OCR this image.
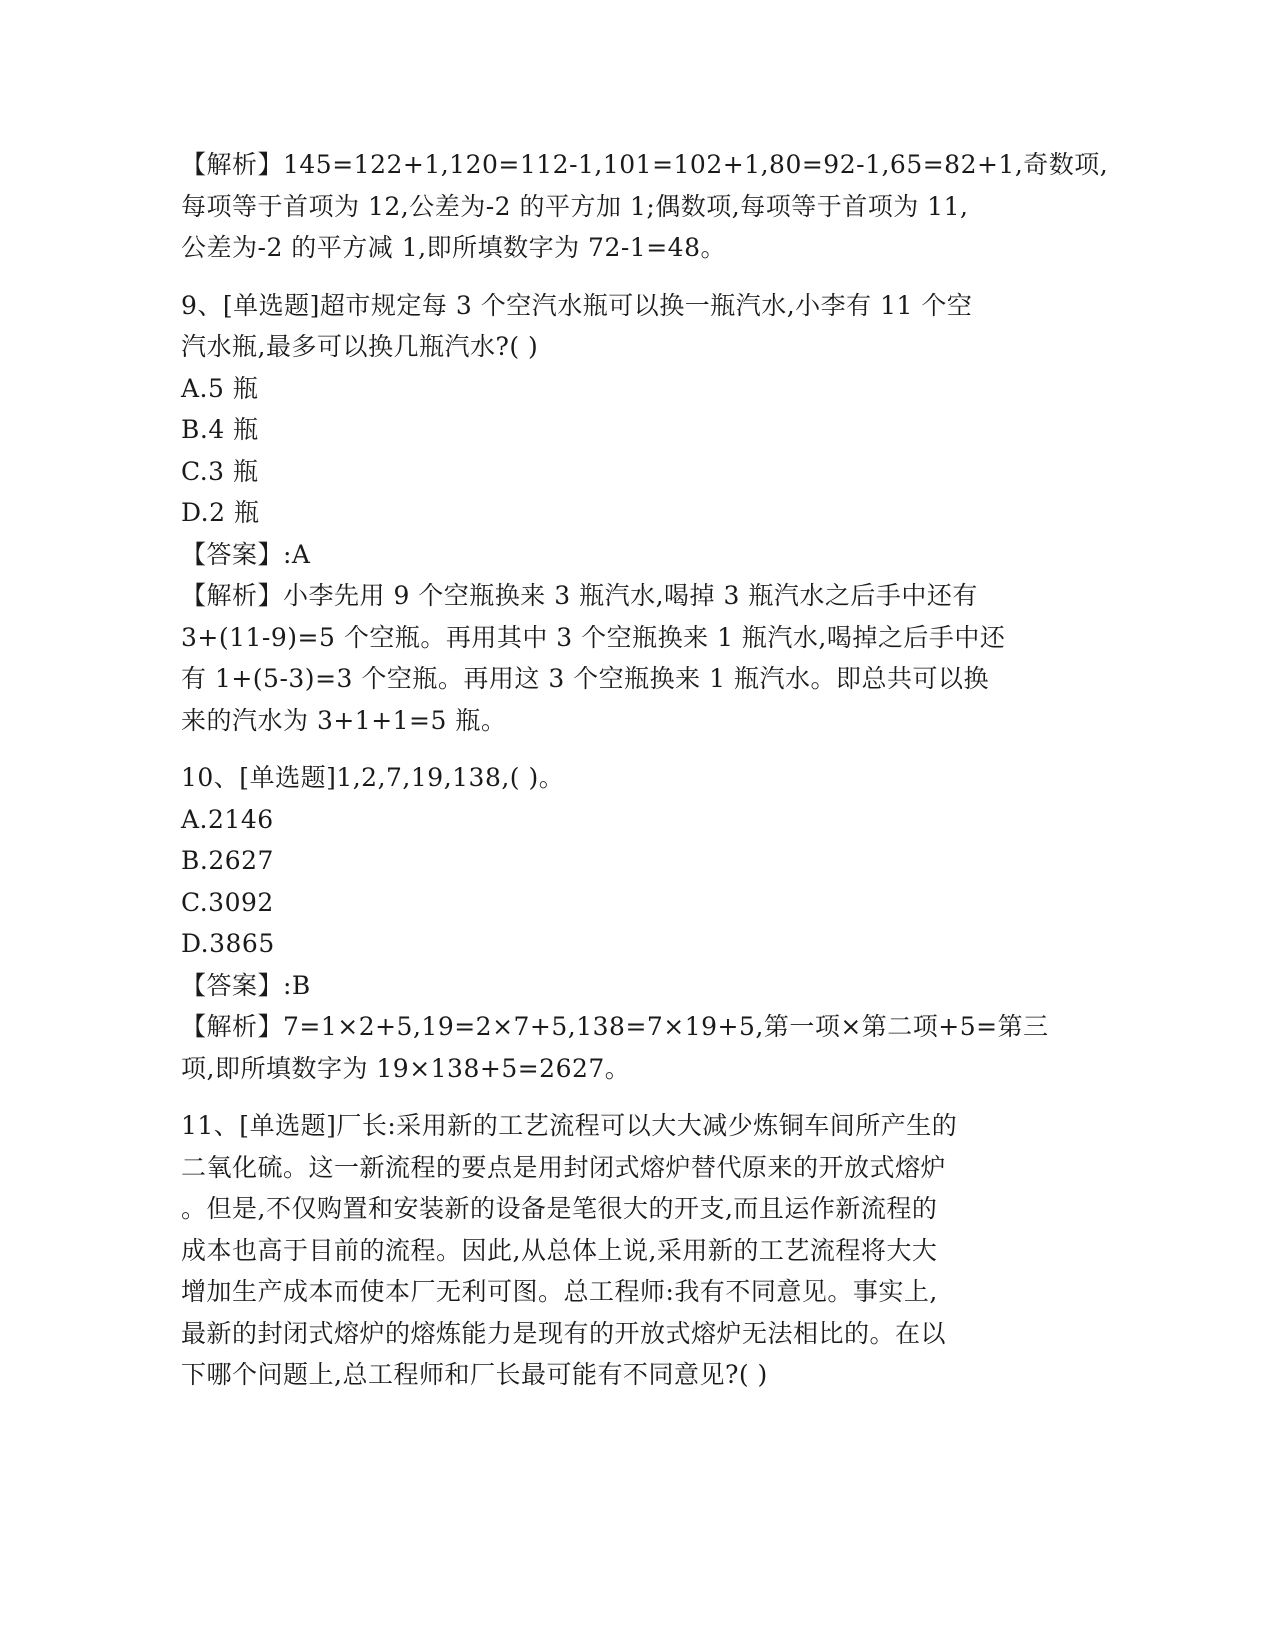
【解析】145=122+1,120=112-1,101=102+1,80=92-1,65=82+1,奇数项,
每项等于首项为 12,公差为-2 的平方加 1;偶数项,每项等于首项为 11,
公差为-2 的平方减 1,即所填数字为 72-1=48。
9、[单选题]超市规定每 3 个空汽水瓶可以换一瓶汽水,小李有 11 个空
汽水瓶,最多可以换几瓶汽水?( )
A.5 瓶
B.4 瓶
C.3 瓶
D.2 瓶
【答案】:A
【解析】小李先用 9 个空瓶换来 3 瓶汽水,喝掉 3 瓶汽水之后手中还有
3+(11-9)=5 个空瓶。再用其中 3 个空瓶换来 1 瓶汽水,喝掉之后手中还
有 1+(5-3)=3 个空瓶。再用这 3 个空瓶换来 1 瓶汽水。即总共可以换
来的汽水为 3+1+1=5 瓶。
10、[单选题]1,2,7,19,138,( )。
A.2146
B.2627
C.3092
D.3865
【答案】:B
【解析】7=1×2+5,19=2×7+5,138=7×19+5,第一项×第二项+5=第三
项,即所填数字为 19×138+5=2627。
11、[单选题]厂长:采用新的工艺流程可以大大减少炼铜车间所产生的
二氧化硫。这一新流程的要点是用封闭式熔炉替代原来的开放式熔炉
。但是,不仅购置和安装新的设备是笔很大的开支,而且运作新流程的
成本也高于目前的流程。因此,从总体上说,采用新的工艺流程将大大
增加生产成本而使本厂无利可图。总工程师:我有不同意见。事实上,
最新的封闭式熔炉的熔炼能力是现有的开放式熔炉无法相比的。在以
下哪个问题上,总工程师和厂长最可能有不同意见?( )
